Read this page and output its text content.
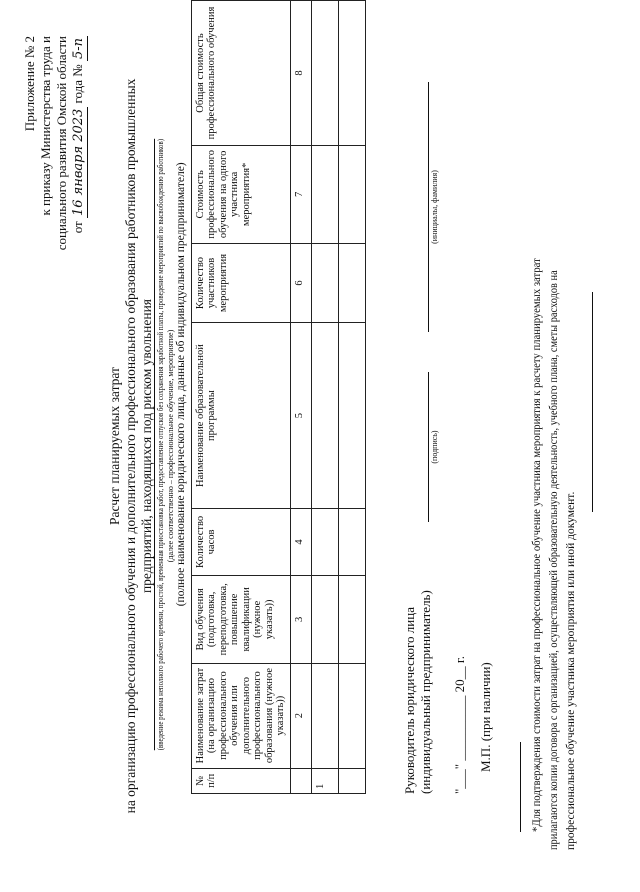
Приложение № 2 к приказу Министерства труда и социального развития Омской области от 16 января 2023 года № 5-п
Расчет планируемых затрат на организацию профессионального обучения и дополнительного профессионального образования работников промышленных предприятий, находящихся под риском увольнения (введение режима неполного рабочего времени, простой, временная приостановка работ, предоставление отпусков без сохранения заработной платы, проведение мероприятий по высвобождению работников)
	(полное наименование юридического лица, данные об индивидуальном предпринимателе)						
№ п/п	Наименование затрат (на организацию профессионального обучения или дополнительного профессионального образования (нужное указать))	Вид обучения (подготовка, переподготовка, повышение квалификации (нужное указать))	Количество часов	Наименование образовательной программы	Количество участников мероприятия	Стоимость профессионального обучения на одного участника мероприятия*	Общая стоимость профессионального обучения
	2	3	4	5	6	7	8
1							

(далее соответственно – профессиональное обучение, мероприятие)
Руководитель юридического лица (индивидуальный предприниматель)
(подпись)
(инициалы, фамилия)
"___" __________ 20__ г. М.П. (при наличии)	*Для подтверждения стоимости затрат на профессиональное обучение участника мероприятия к расчету планируемых затрат прилагаются копии договора с организацией, осуществляющей образовательную деятельность, учебного плана, сметы расходов на профессиональное обучение участника мероприятия или иной документ.
